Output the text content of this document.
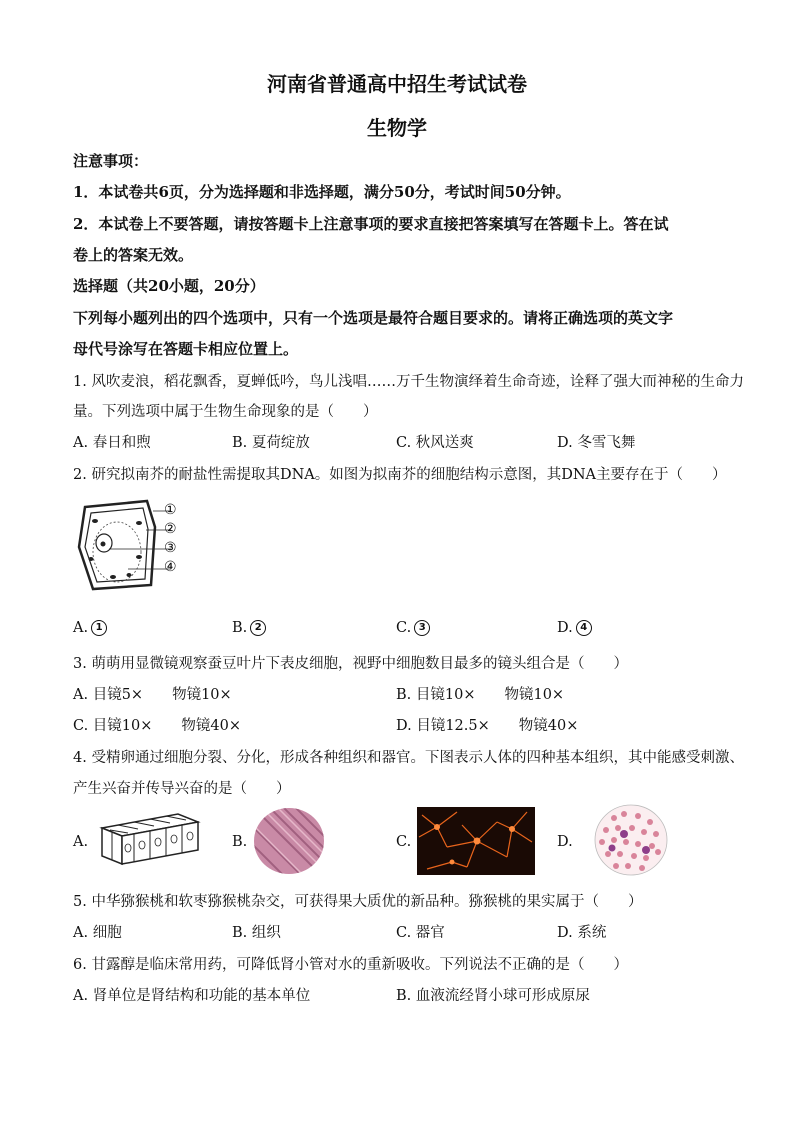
河南省普通高中招生考试试卷
生物学
注意事项：
1．本试卷共6页，分为选择题和非选择题，满分50分，考试时间50分钟。
2．本试卷上不要答题，请按答题卡上注意事项的要求直接把答案填写在答题卡上。答在试
卷上的答案无效。
选择题（共20小题，20分）
下列每小题列出的四个选项中，只有一个选项是最符合题目要求的。请将正确选项的英文字
母代号涂写在答题卡相应位置上。
1. 风吹麦浪，稻花飘香，夏蝉低吟，鸟儿浅唱……万千生物演绎着生命奇迹，诠释了强大而神秘的生命力
量。下列选项中属于生物生命现象的是（　　）
A. 春日和煦	B. 夏荷绽放	C. 秋风送爽	D. 冬雪飞舞
2. 研究拟南芥的耐盐性需提取其DNA。如图为拟南芥的细胞结构示意图，其DNA主要存在于（　　）
①
②
③
④
A. 1	B. 2	C. 3	D. 4
3. 萌萌用显微镜观察蚕豆叶片下表皮细胞，视野中细胞数目最多的镜头组合是（　　）
A. 目镜5×　　物镜10×	B. 目镜10×　　物镜10×
C. 目镜10×　　物镜40×	D. 目镜12.5×　　物镜40×
4. 受精卵通过细胞分裂、分化，形成各种组织和器官。下图表示人体的四种基本组织，其中能感受刺激、
产生兴奋并传导兴奋的是（　　）
A.	B.	C.	D.
5. 中华猕猴桃和软枣猕猴桃杂交，可获得果大质优的新品种。猕猴桃的果实属于（　　）
A. 细胞	B. 组织	C. 器官	D. 系统
6. 甘露醇是临床常用药，可降低肾小管对水的重新吸收。下列说法不正确的是（　　）
A. 肾单位是肾结构和功能的基本单位	B. 血液流经肾小球可形成原尿
